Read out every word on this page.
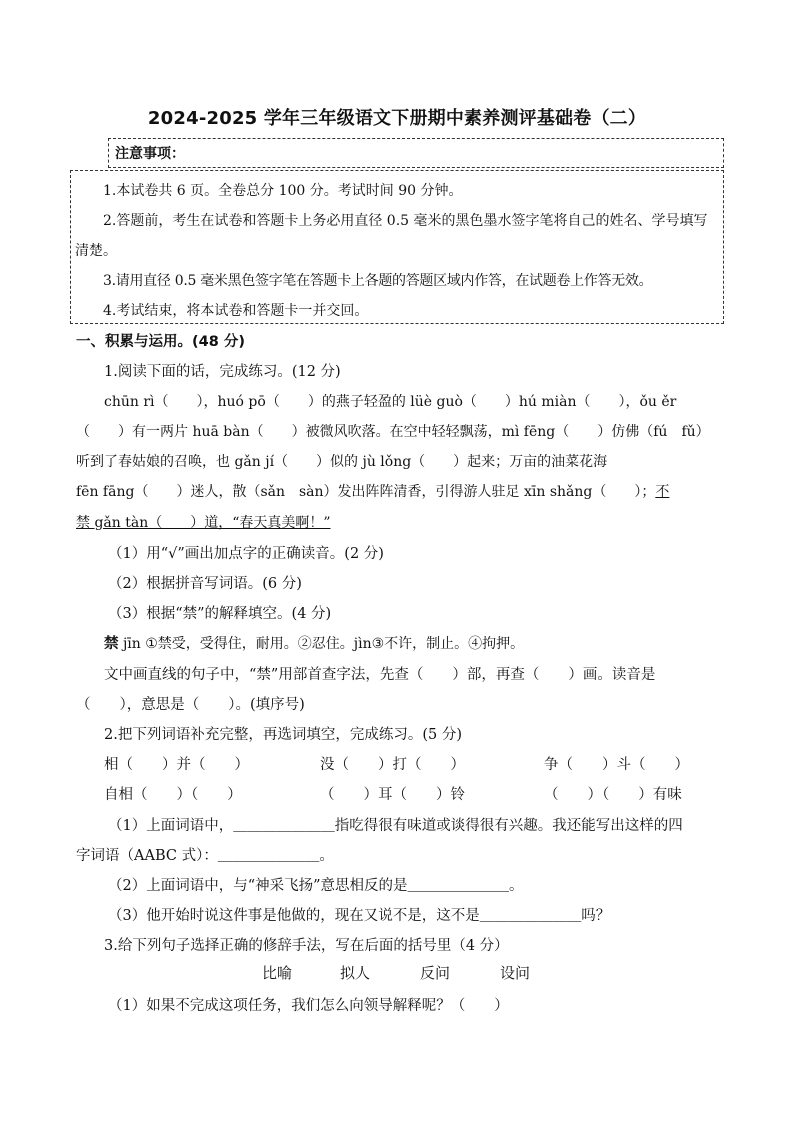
2024-2025 学年三年级语文下册期中素养测评基础卷（二）
注意事项：
1.本试卷共 6 页。全卷总分 100 分。考试时间 90 分钟。
2.答题前，考生在试卷和答题卡上务必用直径 0.5 毫米的黑色墨水签字笔将自己的姓名、学号填写清楚。
3.请用直径 0.5 毫米黑色签字笔在答题卡上各题的答题区域内作答，在试题卷上作答无效。
4.考试结束，将本试卷和答题卡一并交回。
一、积累与运用。(48 分)
1.阅读下面的话，完成练习。(12 分)
chūn rì（　　），huó pō（　　）的燕子轻盈的 lüè guò（　　）hú miàn（　　），ǒu ěr
（　　）有一两片 huā bàn（　　）被微风吹落。在空中轻轻飘荡，mì fēng（　　）仿佛（fú　fǔ）
听到了春姑娘的召唤，也 gǎn jí（　　）似的 jù lǒng（　　）起来；万亩的油菜花海
fēn fāng（　　）迷人，散（sǎn　sàn）发出阵阵清香，引得游人驻足 xīn shǎng（　　）；不
禁 gǎn tàn（　　）道，“春天真美啊！”
（1）用“√”画出加点字的正确读音。(2 分)
（2）根据拼音写词语。(6 分)
（3）根据“禁”的解释填空。(4 分)
禁 jīn ①禁受，受得住，耐用。②忍住。jìn③不许，制止。④拘押。
文中画直线的句子中，“禁”用部首查字法，先查（　　）部，再查（　　）画。读音是
（　　），意思是（　　）。(填序号)
2.把下列词语补充完整，再选词填空，完成练习。(5 分)
相（　　）并（　　）	没（　　）打（　　）	争（　　）斗（　　）
自相（　　）（　　）	（　　）耳（　　）铃	（　　）（　　）有味
（1）上面词语中，＿＿＿＿＿＿＿指吃得很有味道或谈得很有兴趣。我还能写出这样的四
字词语（AABC 式）：＿＿＿＿＿＿＿。
（2）上面词语中，与“神采飞扬”意思相反的是＿＿＿＿＿＿＿。
（3）他开始时说这件事是他做的，现在又说不是，这不是＿＿＿＿＿＿＿吗？
3.给下列句子选择正确的修辞手法，写在后面的括号里（4 分）
比喻	拟人	反问	设问
（1）如果不完成这项任务，我们怎么向领导解释呢？（　　）
